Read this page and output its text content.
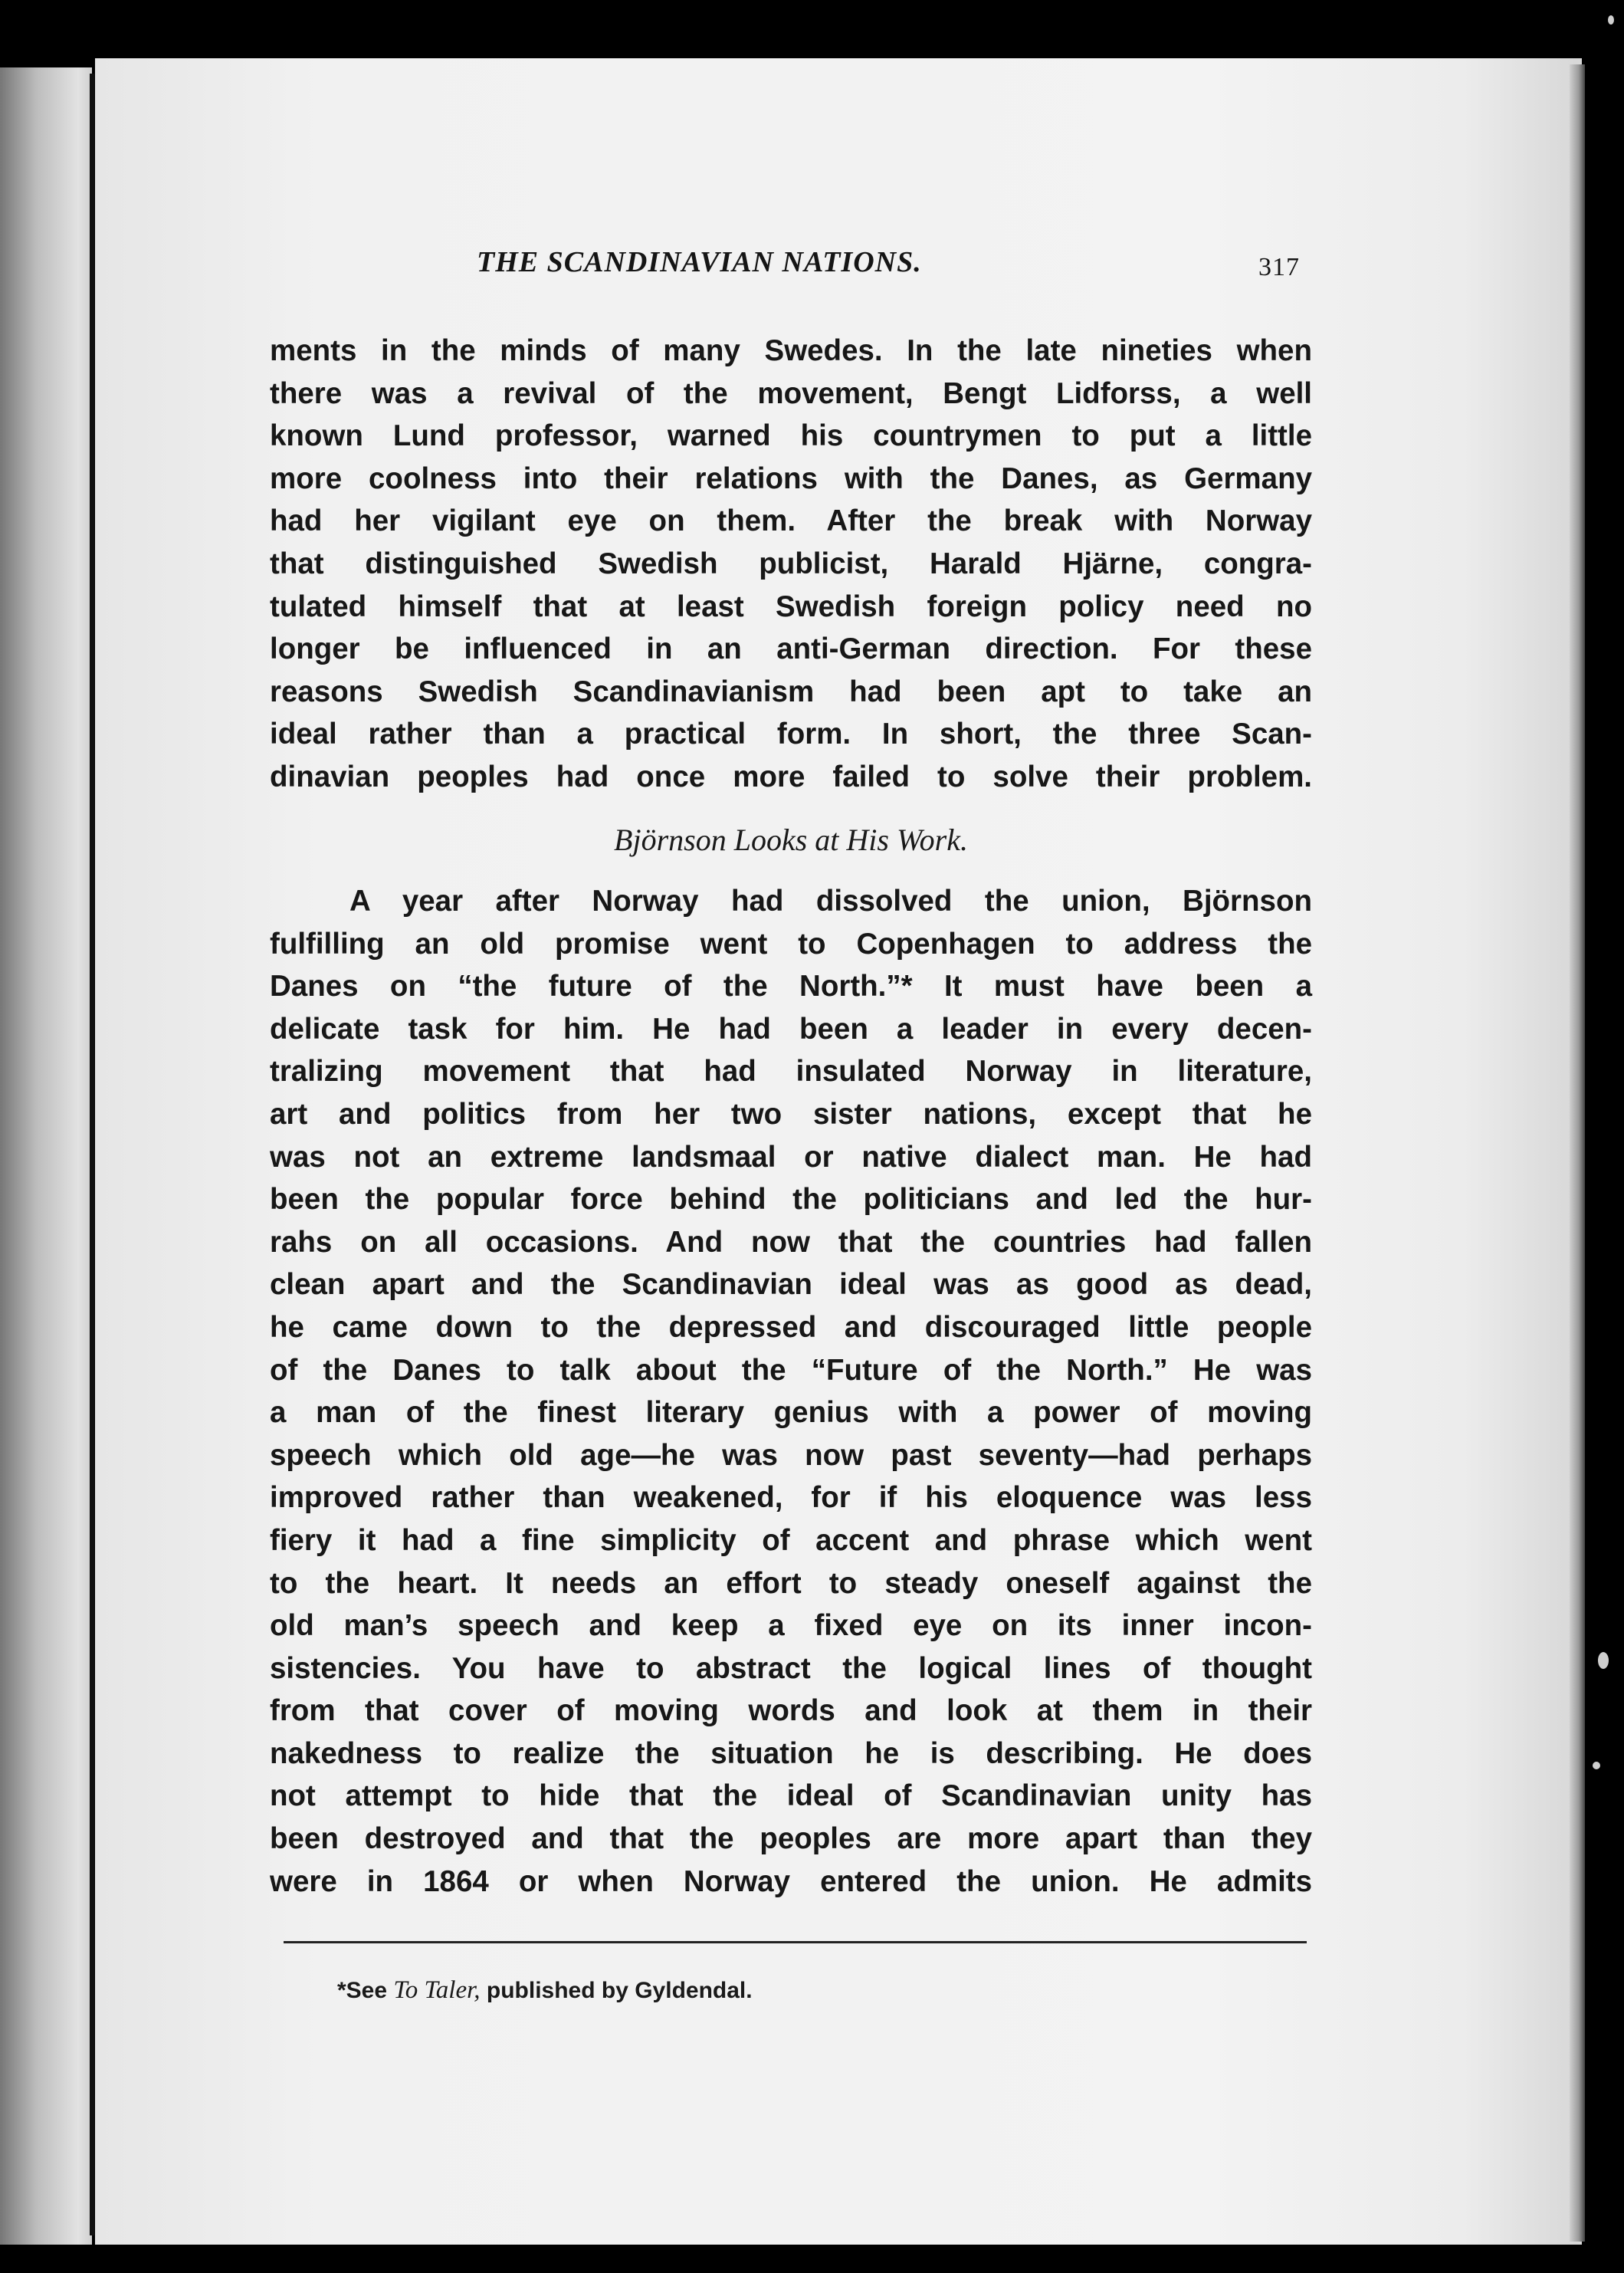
THE SCANDINAVIAN NATIONS.	317
ments in the minds of many Swedes. In the late nineties when
there was a revival of the movement, Bengt Lidforss, a well
known Lund professor, warned his countrymen to put a little
more coolness into their relations with the Danes, as Germany
had her vigilant eye on them. After the break with Norway
that distinguished Swedish publicist, Harald Hjärne, congra-
tulated himself that at least Swedish foreign policy need no
longer be influenced in an anti-German direction. For these
reasons Swedish Scandinavianism had been apt to take an
ideal rather than a practical form. In short, the three Scan-
dinavian peoples had once more failed to solve their problem.
Björnson Looks at His Work.
A year after Norway had dissolved the union, Björnson
fulfilling an old promise went to Copenhagen to address the
Danes on “the future of the North.”* It must have been a
delicate task for him. He had been a leader in every decen-
tralizing movement that had insulated Norway in literature,
art and politics from her two sister nations, except that he
was not an extreme landsmaal or native dialect man. He had
been the popular force behind the politicians and led the hur-
rahs on all occasions. And now that the countries had fallen
clean apart and the Scandinavian ideal was as good as dead,
he came down to the depressed and discouraged little people
of the Danes to talk about the “Future of the North.” He was
a man of the finest literary genius with a power of moving
speech which old age—he was now past seventy—had perhaps
improved rather than weakened, for if his eloquence was less
fiery it had a fine simplicity of accent and phrase which went
to the heart. It needs an effort to steady oneself against the
old man’s speech and keep a fixed eye on its inner incon-
sistencies. You have to abstract the logical lines of thought
from that cover of moving words and look at them in their
nakedness to realize the situation he is describing. He does
not attempt to hide that the ideal of Scandinavian unity has
been destroyed and that the peoples are more apart than they
were in 1864 or when Norway entered the union. He admits
*See To Taler, published by Gyldendal.
